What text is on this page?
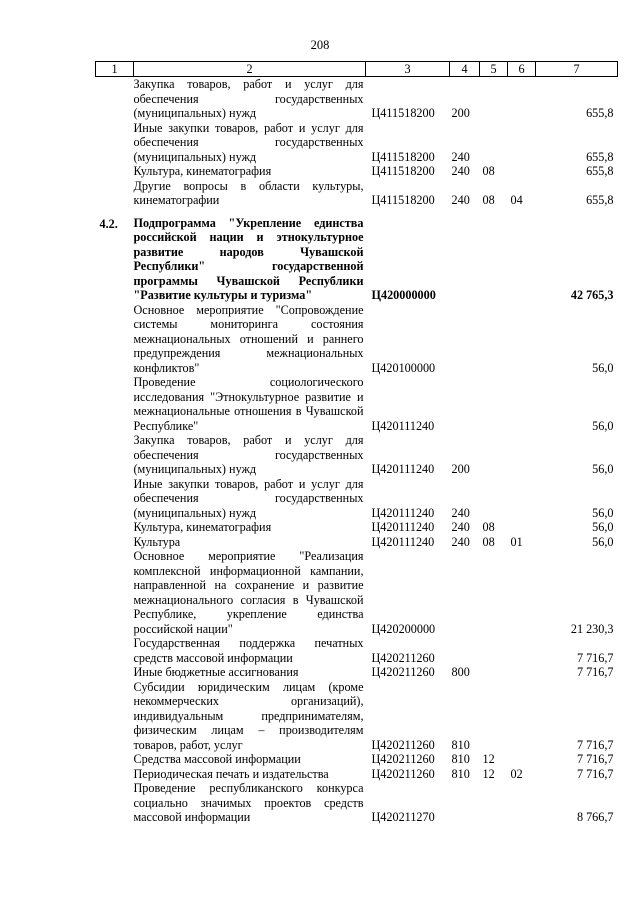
208
1	2	3	4	5	6	7
	Закупка товаров, работ и услуг для обеспечения государственных (муниципальных) нужд	Ц411518200	200			655,8
	Иные закупки товаров, работ и услуг для обеспечения государственных (муниципальных) нужд	Ц411518200	240			655,8
	Культура, кинематография	Ц411518200	240	08		655,8
	Другие вопросы в области культуры, кинематографии	Ц411518200	240	08	04	655,8

4.2.	Подпрограмма "Укрепление единства российской нации и этнокультурное развитие народов Чувашской Республики" государственной программы Чувашской Республики "Развитие культуры и туризма"	Ц420000000				42 765,3
	Основное мероприятие "Сопровождение системы мониторинга состояния межнациональных отношений и раннего предупреждения межнациональных конфликтов"	Ц420100000				56,0
	Проведение социологического исследования "Этнокультурное развитие и межнациональные отношения в Чувашской Республике"	Ц420111240				56,0
	Закупка товаров, работ и услуг для обеспечения государственных (муниципальных) нужд	Ц420111240	200			56,0
	Иные закупки товаров, работ и услуг для обеспечения государственных (муниципальных) нужд	Ц420111240	240			56,0
	Культура, кинематография	Ц420111240	240	08		56,0
	Культура	Ц420111240	240	08	01	56,0
	Основное мероприятие "Реализация комплексной информационной кампании, направленной на сохранение и развитие межнационального согласия в Чувашской Республике, укрепление единства российской нации"	Ц420200000				21 230,3
	Государственная поддержка печатных средств массовой информации	Ц420211260				7 716,7
	Иные бюджетные ассигнования	Ц420211260	800			7 716,7
	Субсидии юридическим лицам (кроме некоммерческих организаций), индивидуальным предпринимателям, физическим лицам – производителям товаров, работ, услуг	Ц420211260	810			7 716,7
	Средства массовой информации	Ц420211260	810	12		7 716,7
	Периодическая печать и издательства	Ц420211260	810	12	02	7 716,7
	Проведение республиканского конкурса социально значимых проектов средств массовой информации	Ц420211270				8 766,7
